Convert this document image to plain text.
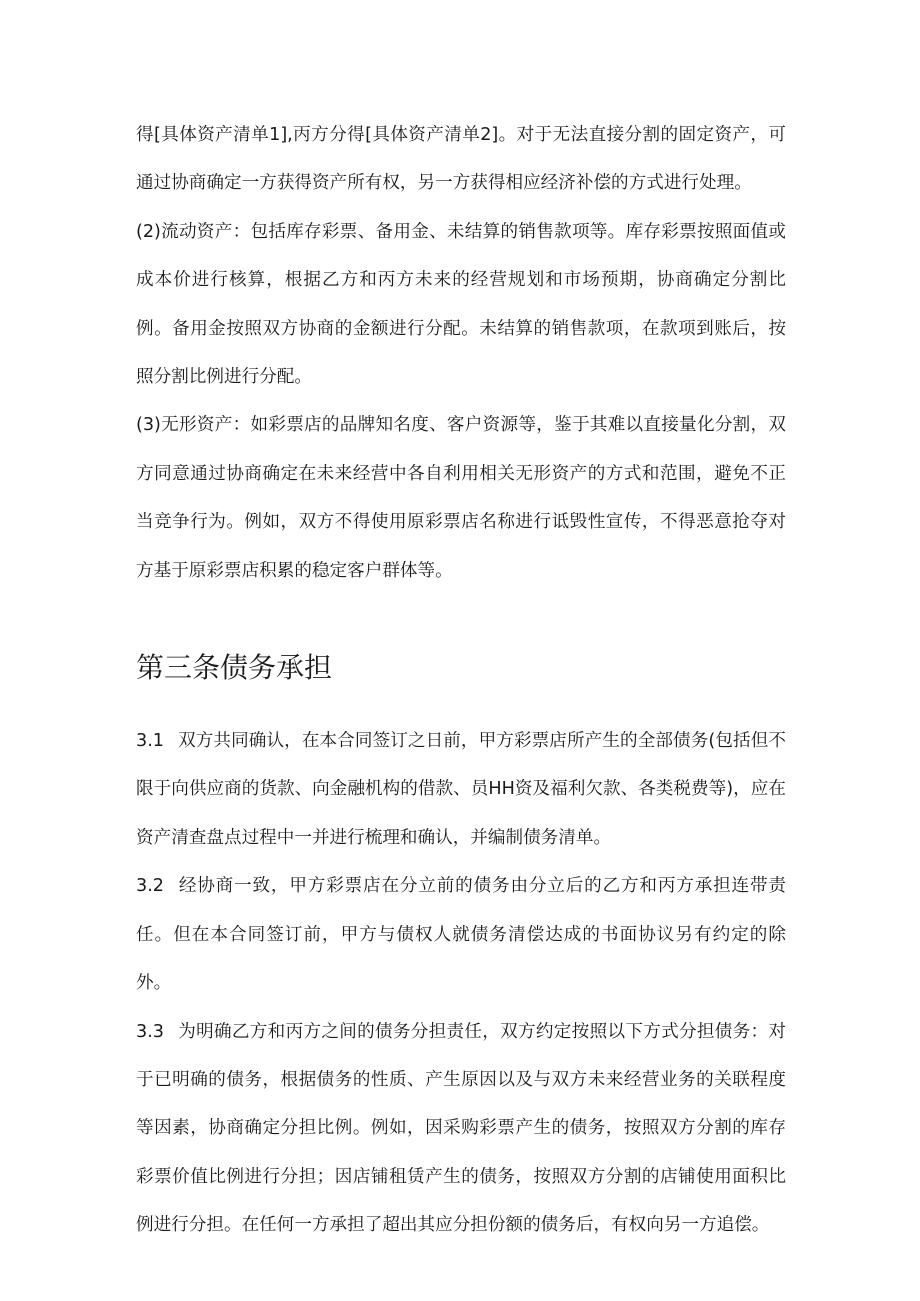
得[具体资产清单1],丙方分得[具体资产清单2]。对于无法直接分割的固定资产，可通过协商确定一方获得资产所有权，另一方获得相应经济补偿的方式进行处理。

(2)流动资产：包括库存彩票、备用金、未结算的销售款项等。库存彩票按照面值或成本价进行核算，根据乙方和丙方未来的经营规划和市场预期，协商确定分割比例。备用金按照双方协商的金额进行分配。未结算的销售款项，在款项到账后，按照分割比例进行分配。

(3)无形资产：如彩票店的品牌知名度、客户资源等，鉴于其难以直接量化分割，双方同意通过协商确定在未来经营中各自利用相关无形资产的方式和范围，避免不正当竞争行为。例如，双方不得使用原彩票店名称进行诋毁性宣传，不得恶意抢夺对方基于原彩票店积累的稳定客户群体等。

第三条债务承担

3.1 双方共同确认，在本合同签订之日前，甲方彩票店所产生的全部债务(包括但不限于向供应商的货款、向金融机构的借款、员HH资及福利欠款、各类税费等)，应在资产清查盘点过程中一并进行梳理和确认，并编制债务清单。

3.2 经协商一致，甲方彩票店在分立前的债务由分立后的乙方和丙方承担连带责任。但在本合同签订前，甲方与债权人就债务清偿达成的书面协议另有约定的除外。

3.3 为明确乙方和丙方之间的债务分担责任，双方约定按照以下方式分担债务：对于已明确的债务，根据债务的性质、产生原因以及与双方未来经营业务的关联程度等因素，协商确定分担比例。例如，因采购彩票产生的债务，按照双方分割的库存彩票价值比例进行分担；因店铺租赁产生的债务，按照双方分割的店铺使用面积比例进行分担。在任何一方承担了超出其应分担份额的债务后，有权向另一方追偿。
